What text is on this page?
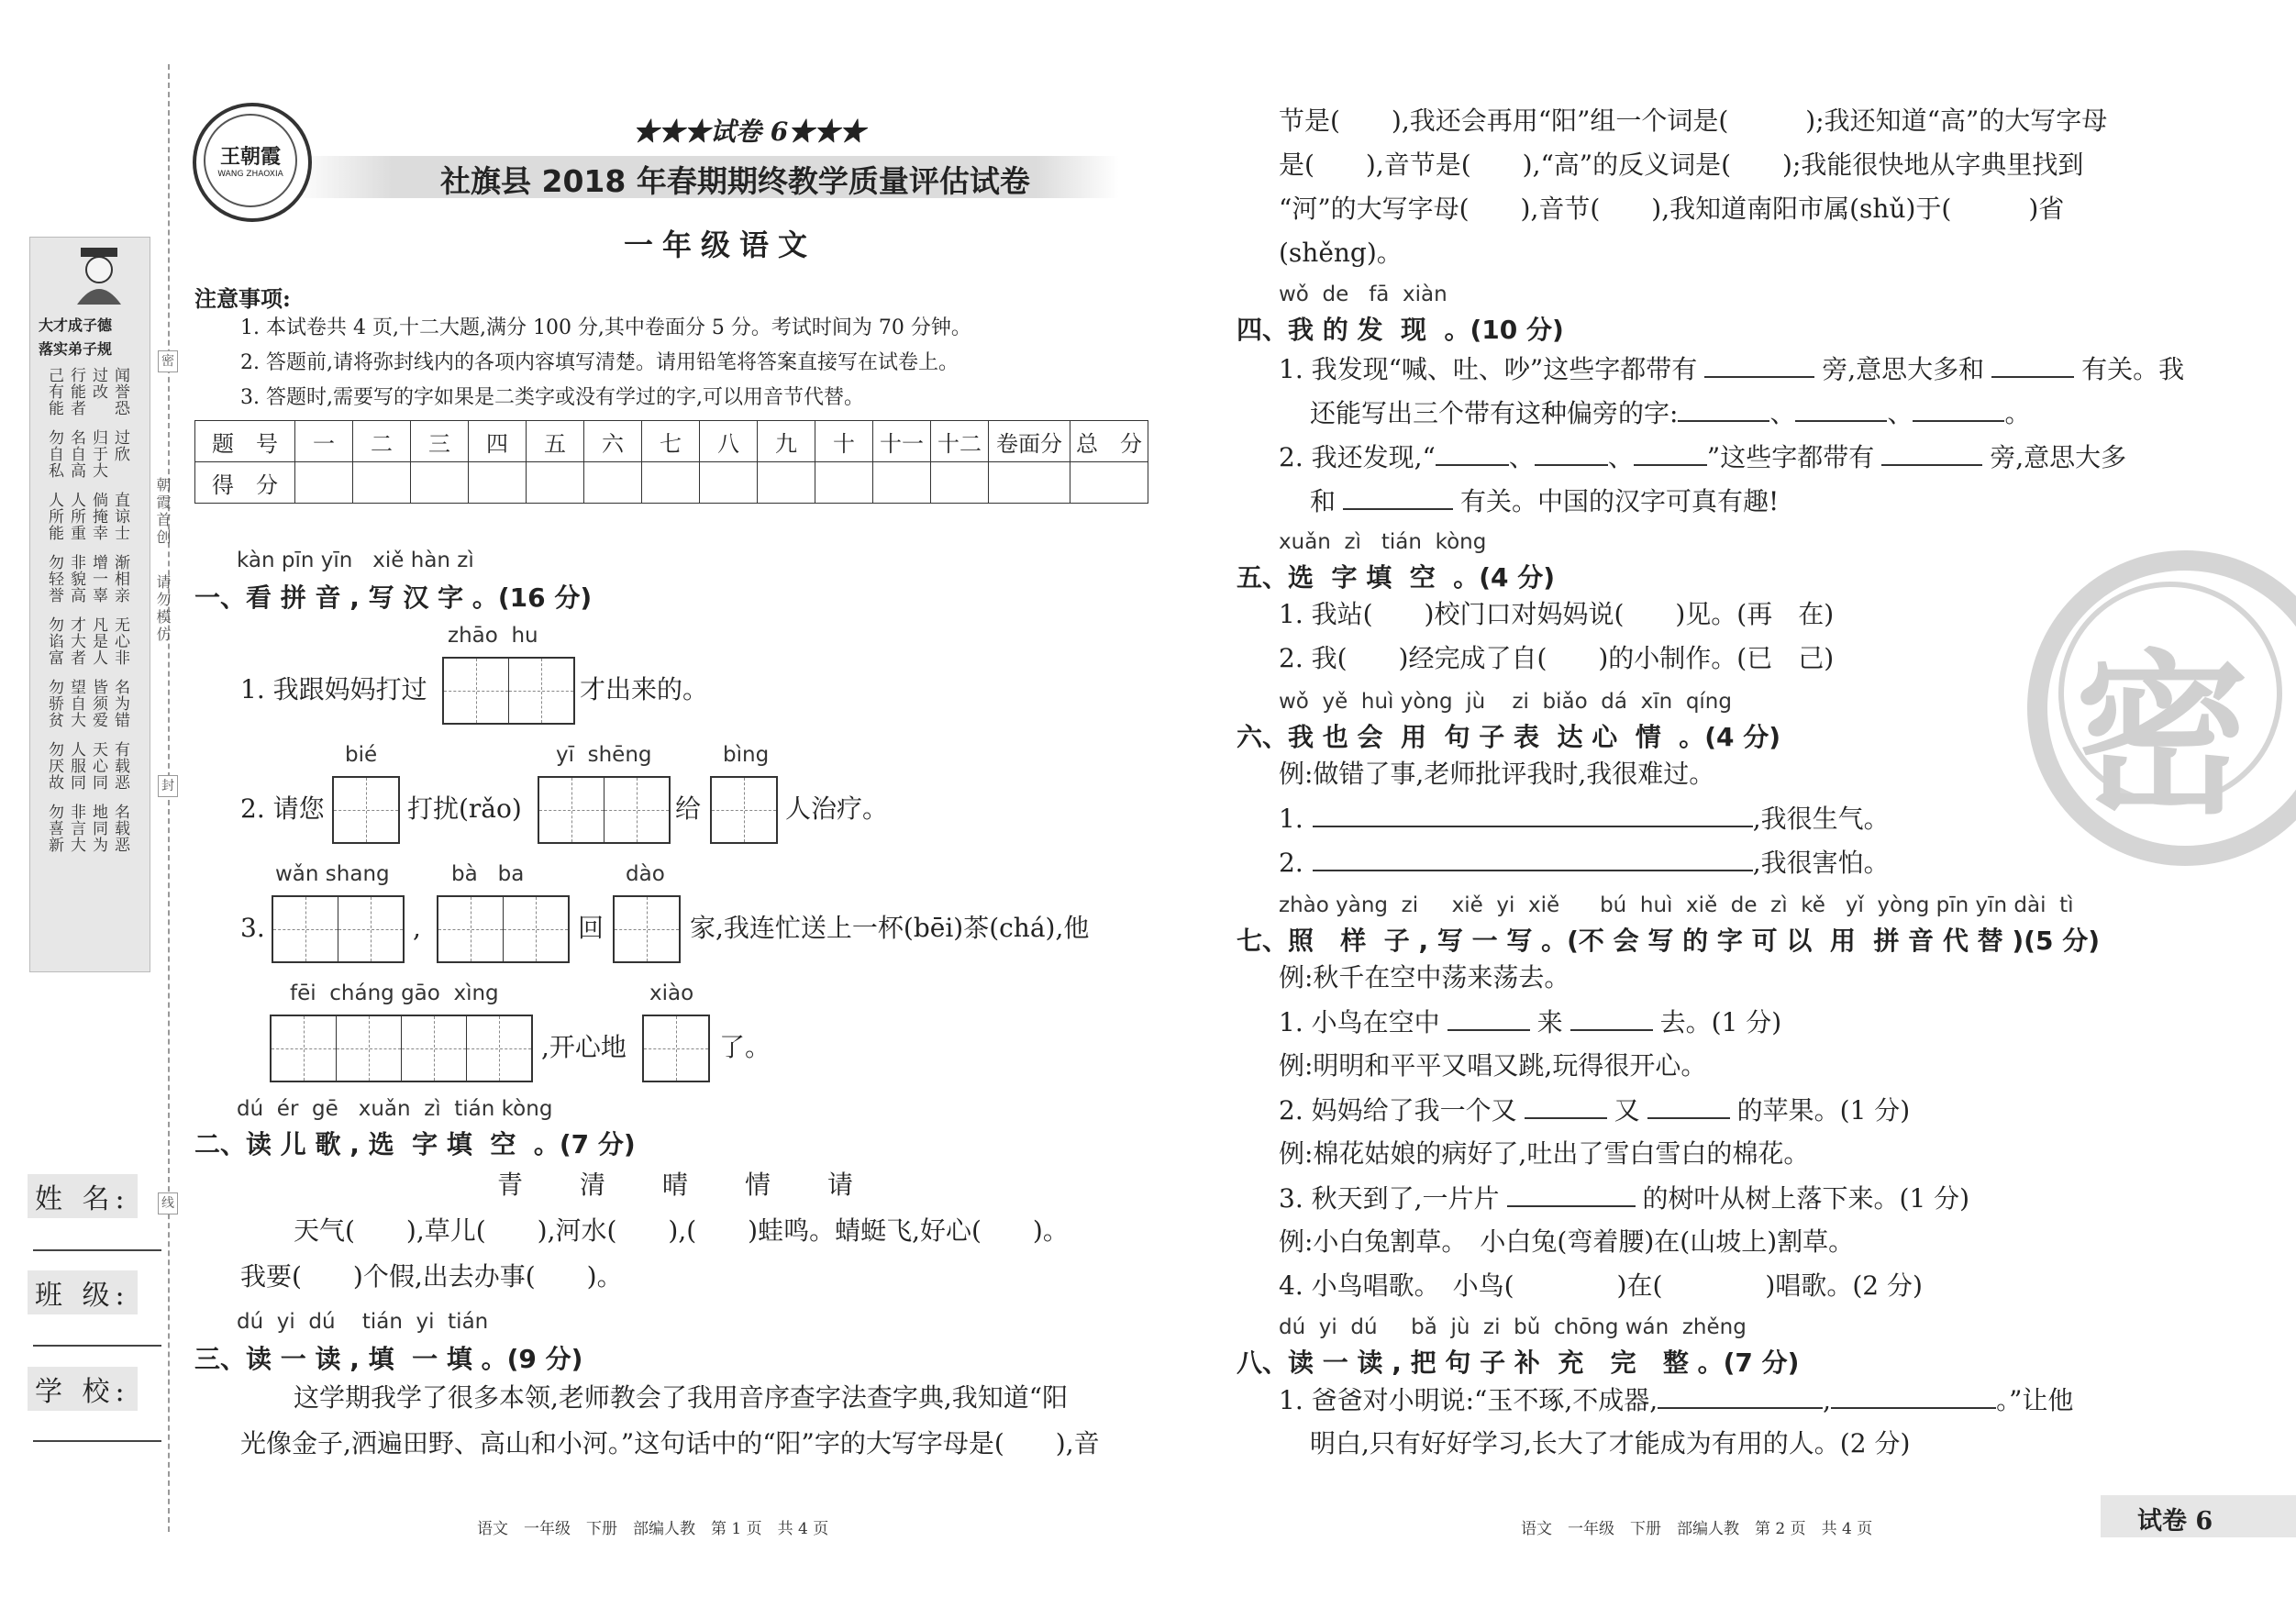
大才成子德
落实弟子规
己有能 行能者 过改 闻誉恐
勿自私 名自高 归于大 过欣
人所能 人所重 倘掩幸 直谅士
勿轻誉 非貌高 增一辜 渐相亲
勿谄富 才大者 凡是人 无心非
勿骄贫 望自大 皆须爱 名为错
勿厌故 人服同 天心同 有载恶
勿喜新 非言大 地同为 名载恶
密
封
线
朝霞首创
请勿模仿
姓 名:
班 级:
学 校:
王朝霞
WANG ZHAOXIA
★★★试卷 6★★★
社旗县 2018 年春期期终教学质量评估试卷
一年级语文
注意事项:
1. 本试卷共 4 页,十二大题,满分 100 分,其中卷面分 5 分。考试时间为 70 分钟。
2. 答题前,请将弥封线内的各项内容填写清楚。请用铅笔将答案直接写在试卷上。
3. 答题时,需要写的字如果是二类字或没有学过的字,可以用音节代替。
题　号	一	二	三	四	五	六	七	八	九	十	十一	十二	卷面分	总　分
得　分														
kàn pīn yīn   xiě hàn zì
一、看 拼 音 , 写 汉 字 。(16 分)
zhāo  hu
1. 我跟妈妈打过	才出来的。
bié	yī  shēng	bìng
2. 请您	打扰(rǎo)	给	人治疗。
wǎn shang	bà   ba	dào
3.	,	回	家,我连忙送上一杯(bēi)茶(chá),他
fēi  cháng gāo  xìng	xiào
,开心地	了。
dú  ér  gē   xuǎn  zì  tián kòng
二、读 儿 歌 , 选  字 填  空  。(7 分)
青 清 晴 情 请
天气(　　),草儿(　　),河水(　　),(　　)蛙鸣。蜻蜓飞,好心(　　)。
我要(　　)个假,出去办事(　　)。
dú  yi  dú    tián  yi  tián
三、读 一 读 , 填  一 填 。(9 分)
这学期我学了很多本领,老师教会了我用音序查字法查字典,我知道“阳
光像金子,洒遍田野、高山和小河。”这句话中的“阳”字的大写字母是(　　),音
节是(　　),我还会再用“阳”组一个词是(　　　);我还知道“高”的大写字母
是(　　),音节是(　　),“高”的反义词是(　　);我能很快地从字典里找到
“河”的大写字母(　　),音节(　　),我知道南阳市属(shǔ)于(　　　)省
(shěng)。
wǒ  de   fā  xiàn
四、我 的 发  现  。(10 分)
1. 我发现“喊、吐、吵”这些字都带有	旁,意思大多和	有关。我
还能写出三个带有这种偏旁的字:	、	、	。
2. 我还发现,“	、	、	”这些字都带有	旁,意思大多
和	有关。中国的汉字可真有趣!
xuǎn  zì   tián  kòng
五、选  字 填  空  。(4 分)
1. 我站(　　)校门口对妈妈说(　　)见。(再　在)
2. 我(　　)经完成了自(　　)的小制作。(已　己)
wǒ  yě  huì yòng  jù    zi  biǎo  dá  xīn  qíng
六、我 也 会  用  句 子 表  达 心  情  。(4 分)
例:做错了事,老师批评我时,我很难过。
1.	,我很生气。
2.	,我很害怕。
zhào yàng  zi     xiě  yi  xiě      bú  huì  xiě  de  zì  kě   yǐ  yòng pīn yīn dài  tì
七、照   样  子 , 写 一 写 。(不 会 写 的 字 可 以  用  拼 音 代 替 )(5 分)
例:秋千在空中荡来荡去。
1. 小鸟在空中	来	去。(1 分)
例:明明和平平又唱又跳,玩得很开心。
2. 妈妈给了我一个又	又	的苹果。(1 分)
例:棉花姑娘的病好了,吐出了雪白雪白的棉花。
3. 秋天到了,一片片	的树叶从树上落下来。(1 分)
例:小白兔割草。　小白兔(弯着腰)在(山坡上)割草。
4. 小鸟唱歌。　小鸟(　　　　)在(　　　　)唱歌。(2 分)
dú  yi  dú     bǎ  jù  zi  bǔ  chōng wán  zhěng
八、读 一 读 , 把 句 子 补  充   完   整 。(7 分)
1. 爸爸对小明说:“玉不琢,不成器,	,	。”让他
明白,只有好好学习,长大了才能成为有用的人。(2 分)
密
语文　一年级　下册　部编人教　第 1 页　共 4 页	语文　一年级　下册　部编人教　第 2 页　共 4 页	试卷 6
